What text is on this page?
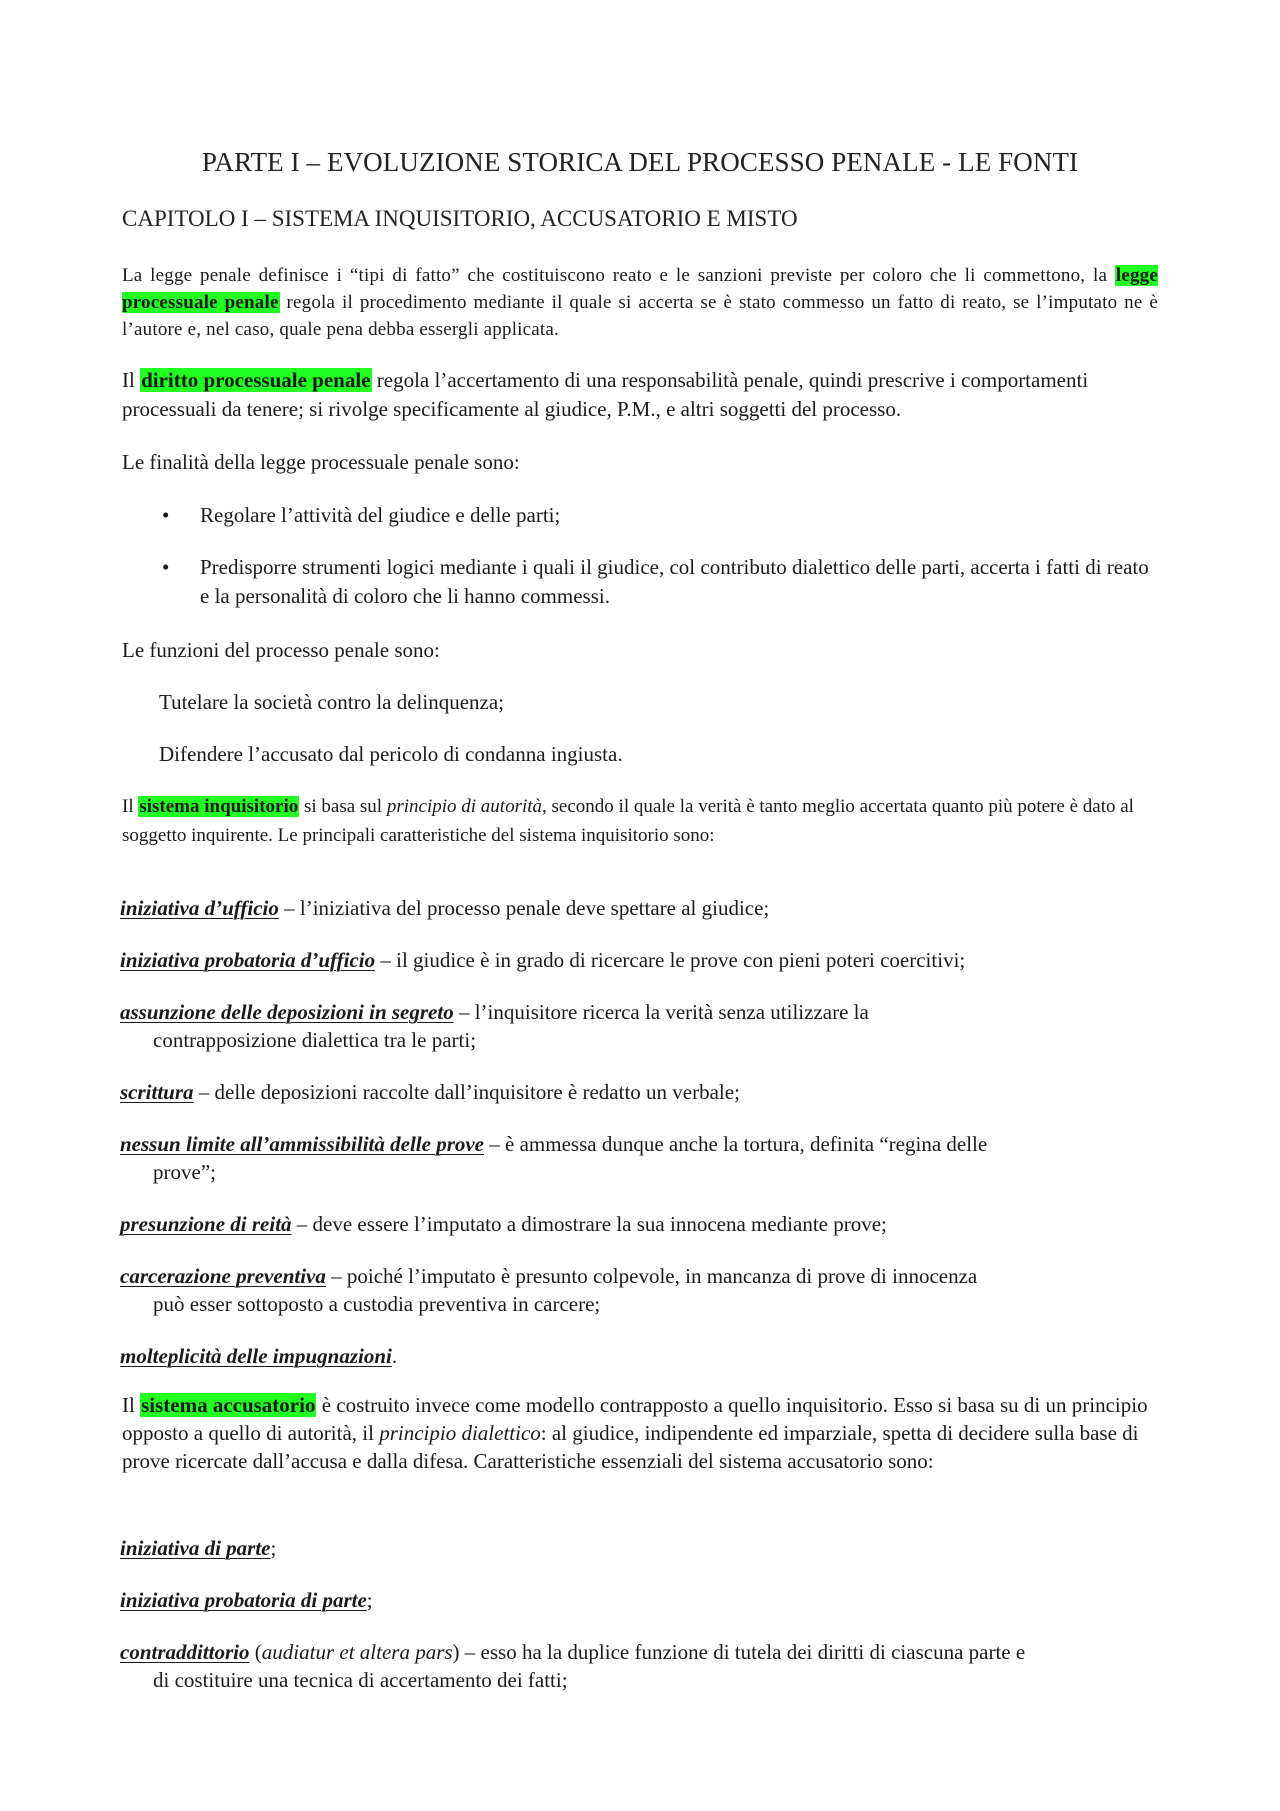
PARTE I – EVOLUZIONE STORICA DEL PROCESSO PENALE - LE FONTI
CAPITOLO I – SISTEMA INQUISITORIO, ACCUSATORIO E MISTO

La legge penale definisce i “tipi di fatto” che costituiscono reato e le sanzioni previste per coloro che li commettono, la legge processuale penale regola il procedimento mediante il quale si accerta se è stato commesso un fatto di reato, se l’imputato ne è l’autore e, nel caso, quale pena debba essergli applicata.

Il diritto processuale penale regola l’accertamento di una responsabilità penale, quindi prescrive i comportamenti processuali da tenere; si rivolge specificamente al giudice, P.M., e altri soggetti del processo.

Le finalità della legge processuale penale sono:

• Regolare l’attività del giudice e delle parti;
• Predisporre strumenti logici mediante i quali il giudice, col contributo dialettico delle parti, accerta i fatti di reato e la personalità di coloro che li hanno commessi.

Le funzioni del processo penale sono:

Tutelare la società contro la delinquenza;
Difendere l’accusato dal pericolo di condanna ingiusta.

Il sistema inquisitorio si basa sul principio di autorità, secondo il quale la verità è tanto meglio accertata quanto più potere è dato al soggetto inquirente. Le principali caratteristiche del sistema inquisitorio sono:

iniziativa d’ufficio – l’iniziativa del processo penale deve spettare al giudice;
iniziativa probatoria d’ufficio – il giudice è in grado di ricercare le prove con pieni poteri coercitivi;
assunzione delle deposizioni in segreto – l’inquisitore ricerca la verità senza utilizzare la
contrapposizione dialettica tra le parti;
scrittura – delle deposizioni raccolte dall’inquisitore è redatto un verbale;
nessun limite all’ammissibilità delle prove – è ammessa dunque anche la tortura, definita “regina delle
prove”;
presunzione di reità – deve essere l’imputato a dimostrare la sua innocena mediante prove;
carcerazione preventiva – poiché l’imputato è presunto colpevole, in mancanza di prove di innocenza
può esser sottoposto a custodia preventiva in carcere;
molteplicità delle impugnazioni.

Il sistema accusatorio è costruito invece come modello contrapposto a quello inquisitorio. Esso si basa su di un principio opposto a quello di autorità, il principio dialettico: al giudice, indipendente ed imparziale, spetta di decidere sulla base di prove ricercate dall’accusa e dalla difesa. Caratteristiche essenziali del sistema accusatorio sono:

iniziativa di parte;
iniziativa probatoria di parte;
contraddittorio (audiatur et altera pars) – esso ha la duplice funzione di tutela dei diritti di ciascuna parte e
di costituire una tecnica di accertamento dei fatti;
